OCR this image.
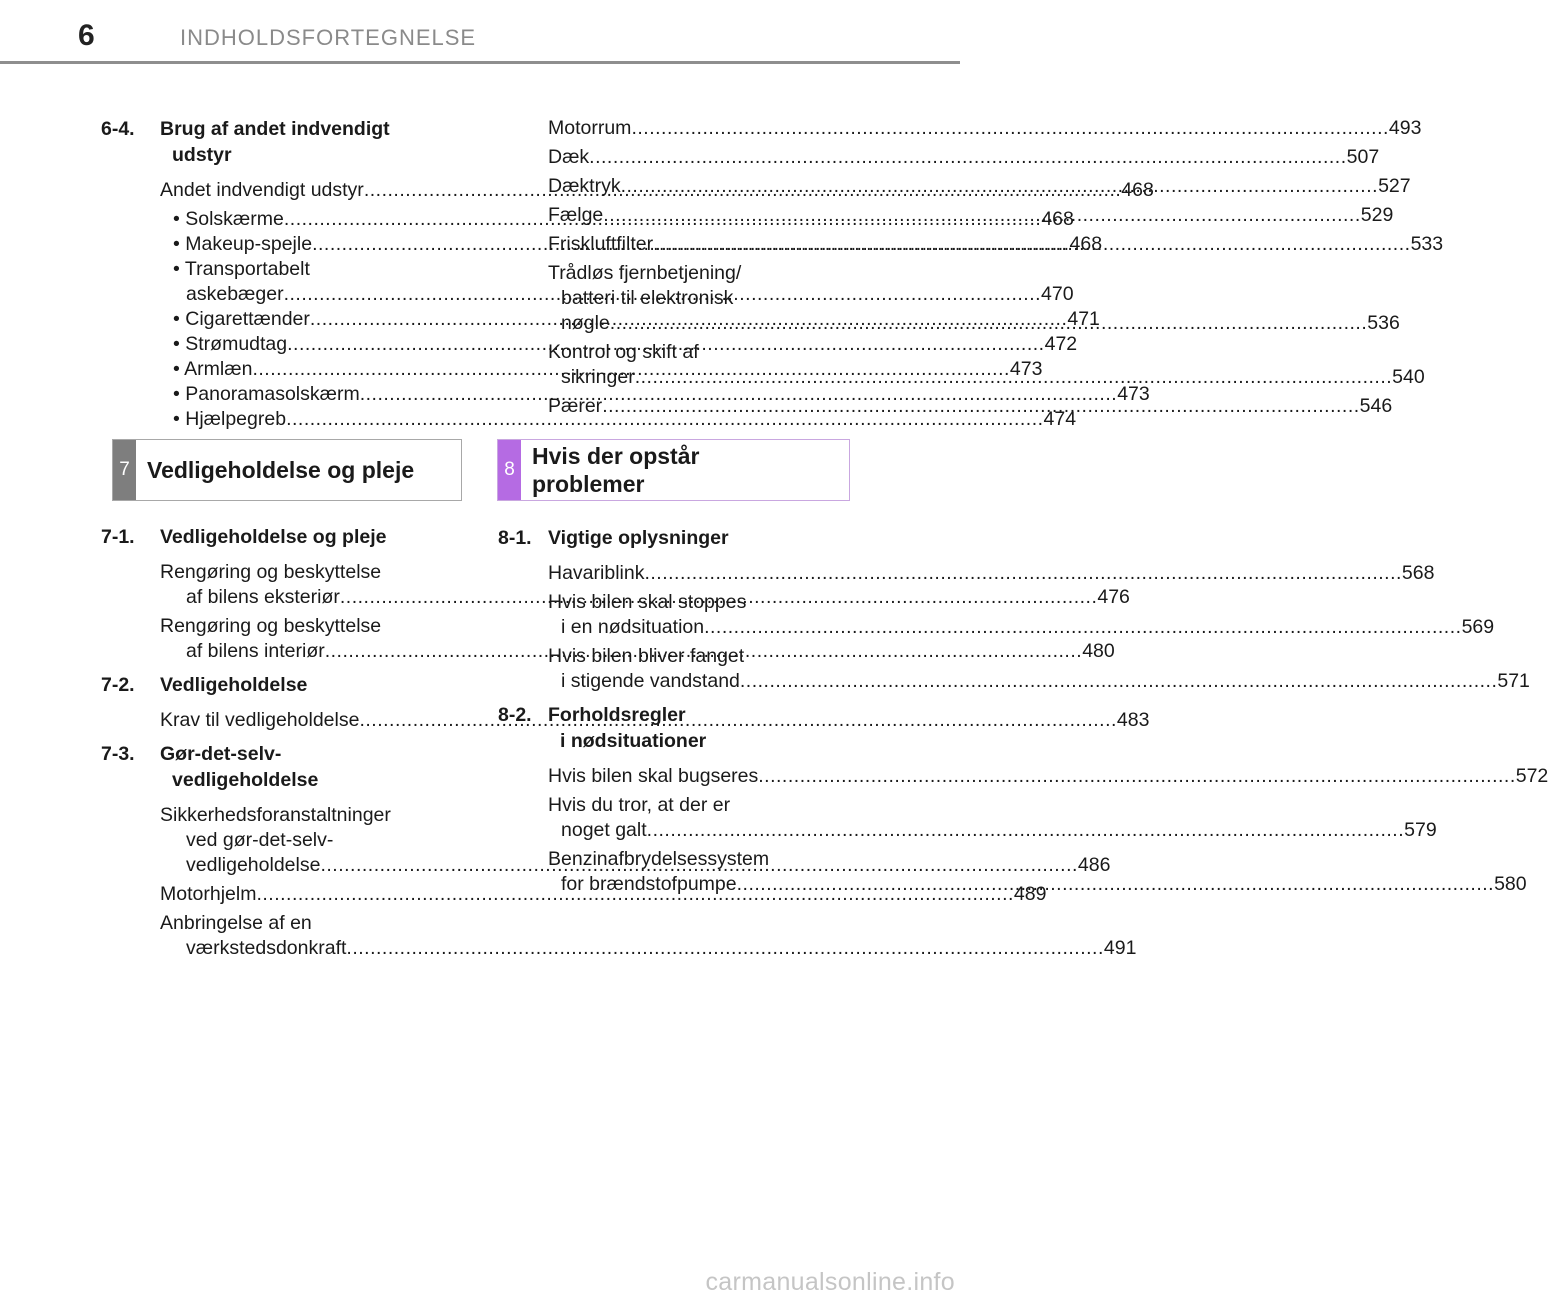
6	INDHOLDSFORTEGNELSE
6-4.	Brug af andet indvendigt
udstyr
Andet indvendigt udstyr .....	468
• Solskærme .....	468
• Makeup-spejle .....	468
• Transportabelt
askebæger .....	470
• Cigarettænder .....	471
• Strømudtag .....	472
• Armlæn .....	473
• Panoramasolskærm .....	473
• Hjælpegreb .....	474
7 Vedligeholdelse og pleje
7-1.	Vedligeholdelse og pleje
Rengøring og beskyttelse
af bilens eksteriør .....	476
Rengøring og beskyttelse
af bilens interiør .....	480
7-2.	Vedligeholdelse
Krav til vedligeholdelse .....	483
7-3.	Gør-det-selv-
vedligeholdelse
Sikkerhedsforanstaltninger
ved gør-det-selv-
vedligeholdelse .....	486
Motorhjelm .....	489
Anbringelse af en
værkstedsdonkraft .....	491
Motorrum .....	493
Dæk .....	507
Dæktryk .....	527
Fælge .....	529
Friskluftfilter .....	533
Trådløs fjernbetjening/
batteri til elektronisk
nøgle .....	536
Kontrol og skift af
sikringer .....	540
Pærer .....	546
8
Hvis der opstår
problemer
8-1. Vigtige oplysninger
Havariblink .....	568
Hvis bilen skal stoppes
i en nødsituation .....	569
Hvis bilen bliver fanget
i stigende vandstand .....	571
8-2. Forholdsregler
i nødsituationer
Hvis bilen skal bugseres .....	572
Hvis du tror, at der er
noget galt .....	579
Benzinafbrydelsessystem
for brændstofpumpe .....	580
carmanualsonline.info
